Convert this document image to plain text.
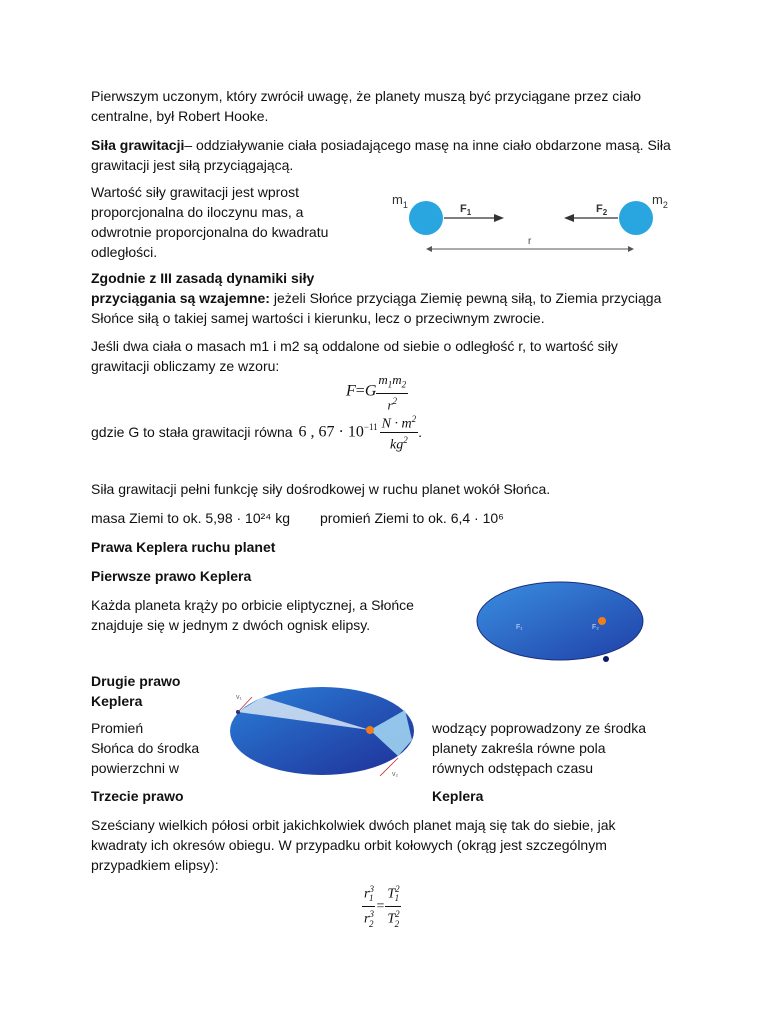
Pierwszym uczonym, który zwrócił uwagę, że planety muszą być przyciągane przez ciało
centralne, był Robert Hooke.

Siła grawitacji– oddziaływanie ciała posiadającego masę na inne ciało obdarzone masą. Siła
grawitacji jest siłą przyciągającą.

Wartość siły grawitacji jest wprost
proporcjonalna do iloczynu mas, a
odwrotnie proporcjonalna do kwadratu
odległości.

$m_1$	$F_1$	$F_2$
$m_2$
r

Zgodnie z III zasadą dynamiki siły
przyciągania są wzajemne: jeżeli Słońce przyciąga Ziemię pewną siłą, to Ziemia przyciąga
Słońce siłą o takiej samej wartości i kierunku, lecz o przeciwnym zwrocie.

Jeśli dwa ciała o masach m1 i m2 są oddalone od siebie o odległość r, to wartość siły
grawitacji obliczamy ze wzoru:

$F=G \frac{m_1m_2}{r^2}$
gdzie G to stała grawitacji równa 6 , $67 \cdot 10^{-11} \frac{N \cdot m^2}{kg^2}$ .

Siła grawitacji pełni funkcję siły dośrodkowej w ruchu planet wokół Słońca.

masa Ziemi to ok. 5,98 · 10²⁴ kg promień Ziemi to ok. 6,4 · 10⁶

Prawa Keplera ruchu planet

Pierwsze prawo Keplera

Każda planeta krąży po orbicie eliptycznej, a Słońce
znajduje się w jednym z dwóch ognisk elipsy.	F₁	F₂

Drugie prawo
Keplera

Promień
Słońca do środka
powierzchni w

wodzący poprowadzony ze środka
planety zakreśla równe pola
równych odstępach czasu

v₁
v₂

Trzecie prawo	Keplera

Sześciany wielkich półosi orbit jakichkolwiek dwóch planet mają się tak do siebie, jak
kwadraty ich okresów obiegu. W przypadku orbit kołowych (okrąg jest szczególnym
przypadkiem elipsy):

$\frac{r^3_1}{r^3_2} = \frac{T^2_1}{T^2_2}$
